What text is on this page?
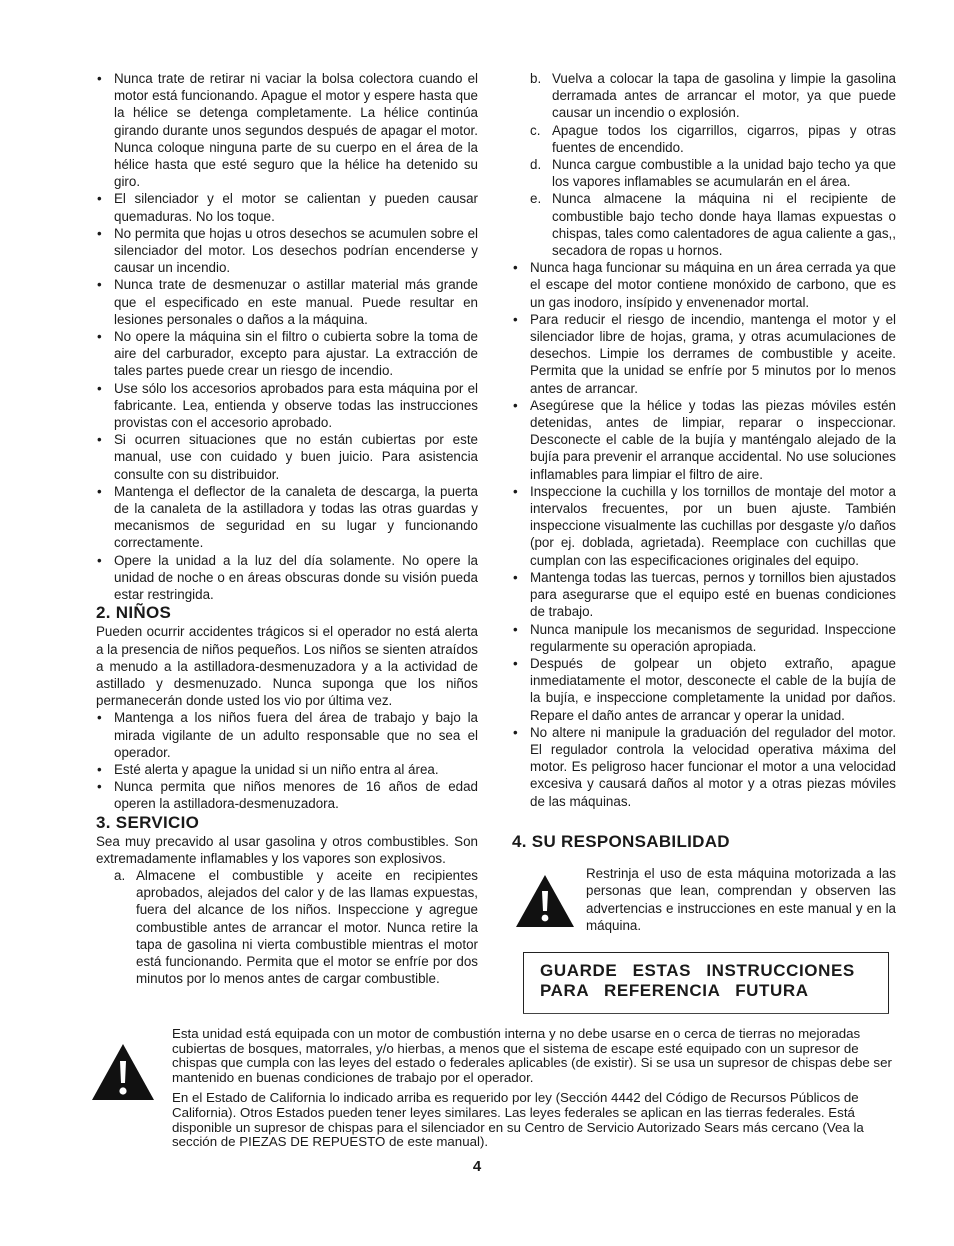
• Nunca trate de retirar ni vaciar la bolsa colectora cuando el motor está funcionando. Apague el motor y espere hasta que la hélice se detenga completamente. La hélice continúa girando durante unos segundos después de apagar el motor. Nunca coloque ninguna parte de su cuerpo en el área de la hélice hasta que esté seguro que la hélice ha detenido su giro.
• El silenciador y el motor se calientan y pueden causar quemaduras. No los toque.
• No permita que hojas u otros desechos se acumulen sobre el silenciador del motor. Los desechos podrían encenderse y causar un incendio.
• Nunca trate de desmenuzar o astillar material más grande que el especificado en este manual. Puede resultar en lesiones personales o daños a la máquina.
• No opere la máquina sin el filtro o cubierta sobre la toma de aire del carburador, excepto para ajustar. La extracción de tales partes puede crear un riesgo de incendio.
• Use sólo los accesorios aprobados para esta máquina por el fabricante. Lea, entienda y observe todas las instrucciones provistas con el accesorio aprobado.
• Si ocurren situaciones que no están cubiertas por este manual, use con cuidado y buen juicio. Para asistencia consulte con su distribuidor.
• Mantenga el deflector de la canaleta de descarga, la puerta de la canaleta de la astilladora y todas las otras guardas y mecanismos de seguridad en su lugar y funcionando correctamente.
• Opere la unidad a la luz del día solamente. No opere la unidad de noche o en áreas obscuras donde su visión pueda estar restringida.
2. NIÑOS

Pueden ocurrir accidentes trágicos si el operador no está alerta a la presencia de niños pequeños. Los niños se sienten atraídos a menudo a la astilladora-desmenuzadora y a la actividad de astillado y desmenuzado. Nunca suponga que los niños permanecerán donde usted los vio por última vez.

• Mantenga a los niños fuera del área de trabajo y bajo la mirada vigilante de un adulto responsable que no sea el operador.
• Esté alerta y apague la unidad si un niño entra al área.
• Nunca permita que niños menores de 16 años de edad operen la astilladora-desmenuzadora.
3. SERVICIO

Sea muy precavido al usar gasolina y otros combustibles. Son extremadamente inflamables y los vapores son explosivos.

a. Almacene el combustible y aceite en recipientes aprobados, alejados del calor y de las llamas expuestas, fuera del alcance de los niños. Inspeccione y agregue combustible antes de arrancar el motor. Nunca retire la tapa de gasolina ni vierta combustible mientras el motor está funcionando. Permita que el motor se enfríe por dos minutos por lo menos antes de cargar combustible.
b. Vuelva a colocar la tapa de gasolina y limpie la gasolina derramada antes de arrancar el motor, ya que puede causar un incendio o explosión.
c. Apague todos los cigarrillos, cigarros, pipas y otras fuentes de encendido.
d. Nunca cargue combustible a la unidad bajo techo ya que los vapores inflamables se acumularán en el área.
e. Nunca almacene la máquina ni el recipiente de combustible bajo techo donde haya llamas expuestas o chispas, tales como calentadores de agua caliente a gas,, secadora de ropas u hornos.
• Nunca haga funcionar su máquina en un área cerrada ya que el escape del motor contiene monóxido de carbono, que es un gas inodoro, insípido y envenenador mortal.
• Para reducir el riesgo de incendio, mantenga el motor y el silenciador libre de hojas, grama, y otras acumulaciones de desechos. Limpie los derrames de combustible y aceite. Permita que la unidad se enfríe por 5 minutos por lo menos antes de arrancar.
• Asegúrese que la hélice y todas las piezas móviles estén detenidas, antes de limpiar, reparar o inspeccionar. Desconecte el cable de la bujía y manténgalo alejado de la bujía para prevenir el arranque accidental. No use soluciones inflamables para limpiar el filtro de aire.
• Inspeccione la cuchilla y los tornillos de montaje del motor a intervalos frecuentes, por un buen ajuste. También inspeccione visualmente las cuchillas por desgaste y/o daños (por ej. doblada, agrietada). Reemplace con cuchillas que cumplan con las especificaciones originales del equipo.
• Mantenga todas las tuercas, pernos y tornillos bien ajustados para asegurarse que el equipo esté en buenas condiciones de trabajo.
• Nunca manipule los mecanismos de seguridad. Inspeccione regularmente su operación apropiada.
• Después de golpear un objeto extraño, apague inmediatamente el motor, desconecte el cable de la bujía de la bujía, e inspeccione completamente la unidad por daños. Repare el daño antes de arrancar y operar la unidad.
• No altere ni manipule la graduación del regulador del motor. El regulador controla la velocidad operativa máxima del motor. Es peligroso hacer funcionar el motor a una velocidad excesiva y causará daños al motor y a otras piezas móviles de las máquinas.
4. SU RESPONSABILIDAD

Restrinja el uso de esta máquina motorizada a las personas que lean, comprendan y observen las advertencias e instrucciones en este manual y en la máquina.

GUARDE ESTAS INSTRUCCIONES
PARA REFERENCIA FUTURA

Esta unidad está equipada con un motor de combustión interna y no debe usarse en o cerca de tierras no mejoradas cubiertas de bosques, matorrales, y/o hierbas, a menos que el sistema de escape esté equipado con un supresor de chispas que cumpla con las leyes del estado o federales aplicables (de existir). Si se usa un supresor de chispas debe ser mantenido en buenas condiciones de trabajo por el operador.

En el Estado de California lo indicado arriba es requerido por ley (Sección 4442 del Código de Recursos Públicos de California). Otros Estados pueden tener leyes similares. Las leyes federales se aplican en las tierras federales. Está disponible un supresor de chispas para el silenciador en su Centro de Servicio Autorizado Sears más cercano (Vea la sección de PIEZAS DE REPUESTO de este manual).

4
